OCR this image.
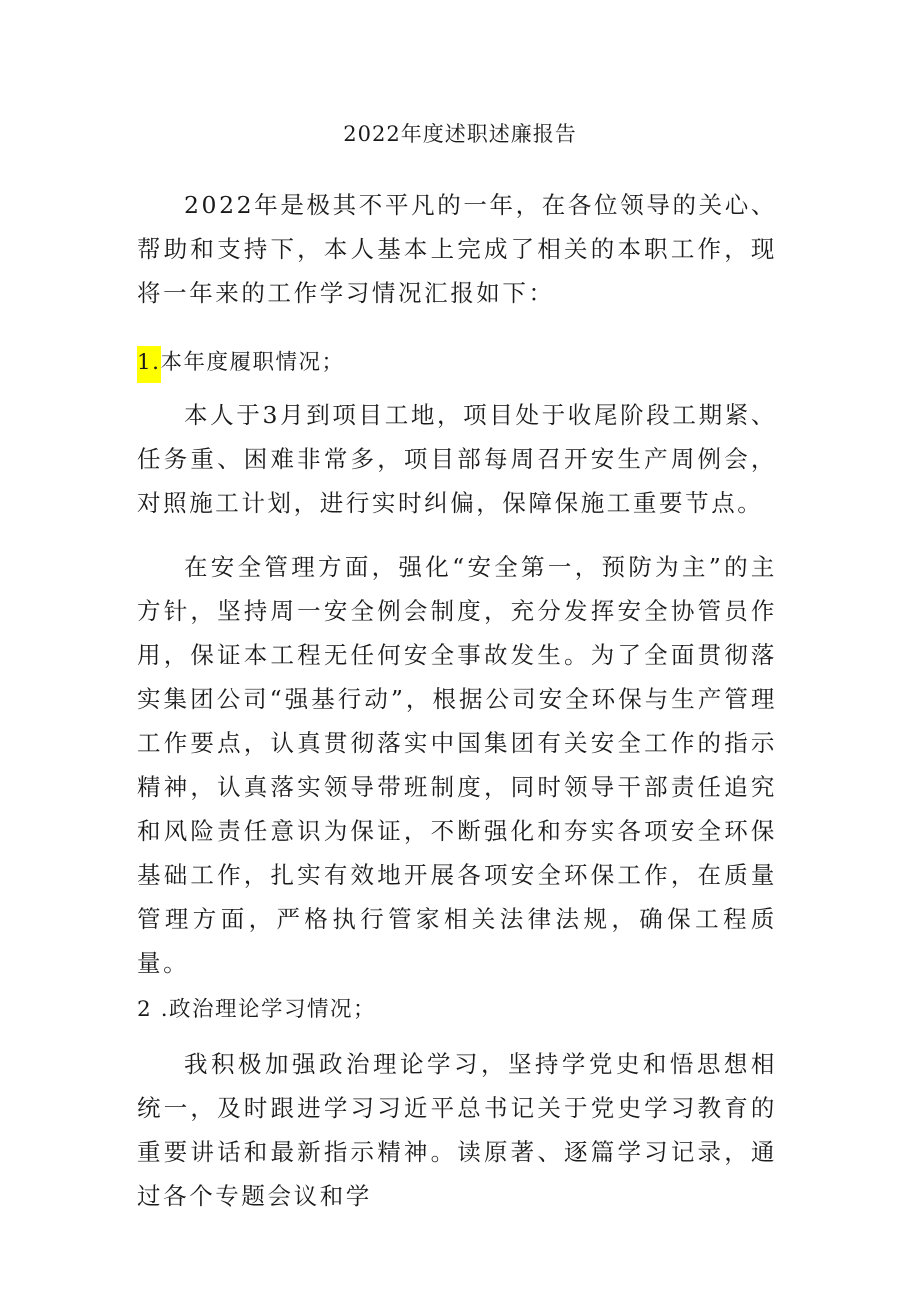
2022年度述职述廉报告

2022年是极其不平凡的一年，在各位领导的关心、帮助和支持下，本人基本上完成了相关的本职工作，现将一年来的工作学习情况汇报如下：

1.本年度履职情况；

本人于3月到项目工地，项目处于收尾阶段工期紧、任务重、困难非常多，项目部每周召开安生产周例会，对照施工计划，进行实时纠偏，保障保施工重要节点。

在安全管理方面，强化“安全第一，预防为主”的主方针，坚持周一安全例会制度，充分发挥安全协管员作用，保证本工程无任何安全事故发生。为了全面贯彻落实集团公司“强基行动”，根据公司安全环保与生产管理工作要点，认真贯彻落实中国集团有关安全工作的指示精神，认真落实领导带班制度，同时领导干部责任追究和风险责任意识为保证，不断强化和夯实各项安全环保基础工作，扎实有效地开展各项安全环保工作，在质量管理方面，严格执行管家相关法律法规，确保工程质量。

2.政治理论学习情况；

我积极加强政治理论学习，坚持学党史和悟思想相统一，及时跟进学习习近平总书记关于党史学习教育的重要讲话和最新指示精神。读原著、逐篇学习记录，通过各个专题会议和学
